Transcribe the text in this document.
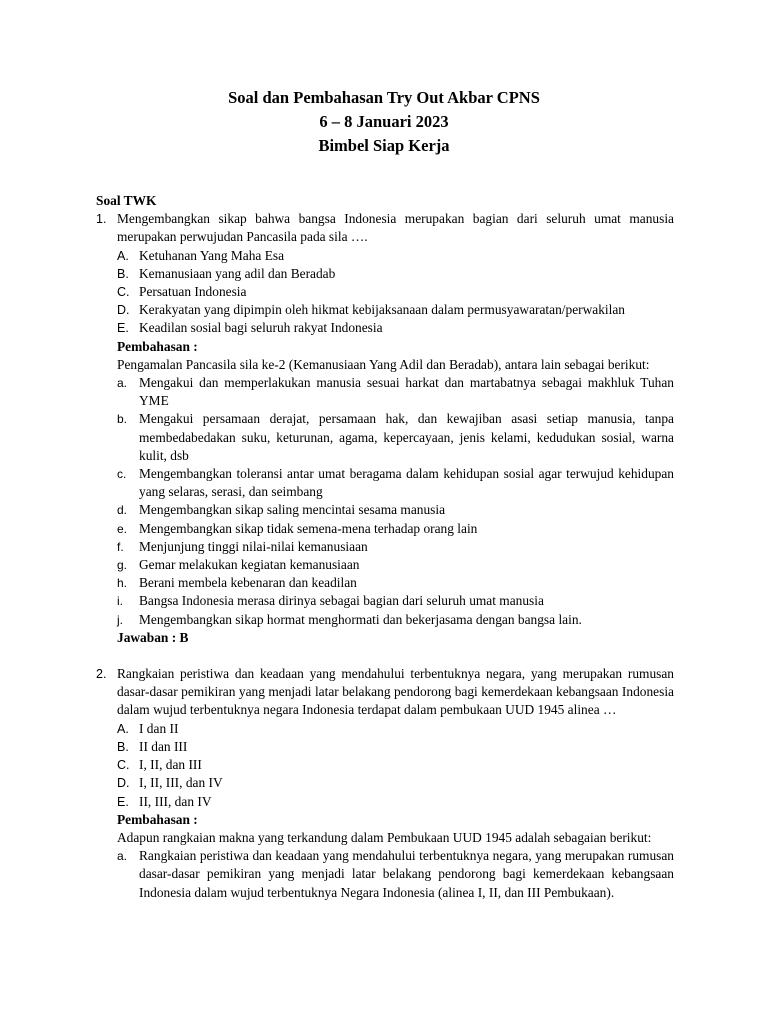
Soal dan Pembahasan Try Out Akbar CPNS
6 – 8 Januari 2023
Bimbel Siap Kerja
Soal TWK
1. Mengembangkan sikap bahwa bangsa Indonesia merupakan bagian dari seluruh umat manusia merupakan perwujudan Pancasila pada sila ….
A. Ketuhanan Yang Maha Esa
B. Kemanusiaan yang adil dan Beradab
C. Persatuan Indonesia
D. Kerakyatan yang dipimpin oleh hikmat kebijaksanaan dalam permusyawaratan/perwakilan
E. Keadilan sosial bagi seluruh rakyat Indonesia
Pembahasan :
Pengamalan Pancasila sila ke-2 (Kemanusiaan Yang Adil dan Beradab), antara lain sebagai berikut:
a. Mengakui dan memperlakukan manusia sesuai harkat dan martabatnya sebagai makhluk Tuhan YME
b. Mengakui persamaan derajat, persamaan hak, dan kewajiban asasi setiap manusia, tanpa membedabedakan suku, keturunan, agama, kepercayaan, jenis kelami, kedudukan sosial, warna kulit, dsb
c. Mengembangkan toleransi antar umat beragama dalam kehidupan sosial agar terwujud kehidupan yang selaras, serasi, dan seimbang
d. Mengembangkan sikap saling mencintai sesama manusia
e. Mengembangkan sikap tidak semena-mena terhadap orang lain
f. Menjunjung tinggi nilai-nilai kemanusiaan
g. Gemar melakukan kegiatan kemanusiaan
h. Berani membela kebenaran dan keadilan
i. Bangsa Indonesia merasa dirinya sebagai bagian dari seluruh umat manusia
j. Mengembangkan sikap hormat menghormati dan bekerjasama dengan bangsa lain.
Jawaban : B
2. Rangkaian peristiwa dan keadaan yang mendahului terbentuknya negara, yang merupakan rumusan dasar-dasar pemikiran yang menjadi latar belakang pendorong bagi kemerdekaan kebangsaan Indonesia dalam wujud terbentuknya negara Indonesia terdapat dalam pembukaan UUD 1945 alinea …
A. I dan II
B. II dan III
C. I, II, dan III
D. I, II, III, dan IV
E. II, III, dan IV
Pembahasan :
Adapun rangkaian makna yang terkandung dalam Pembukaan UUD 1945 adalah sebagaian berikut:
a. Rangkaian peristiwa dan keadaan yang mendahului terbentuknya negara, yang merupakan rumusan dasar-dasar pemikiran yang menjadi latar belakang pendorong bagi kemerdekaan kebangsaan Indonesia dalam wujud terbentuknya Negara Indonesia (alinea I, II, dan III Pembukaan).
